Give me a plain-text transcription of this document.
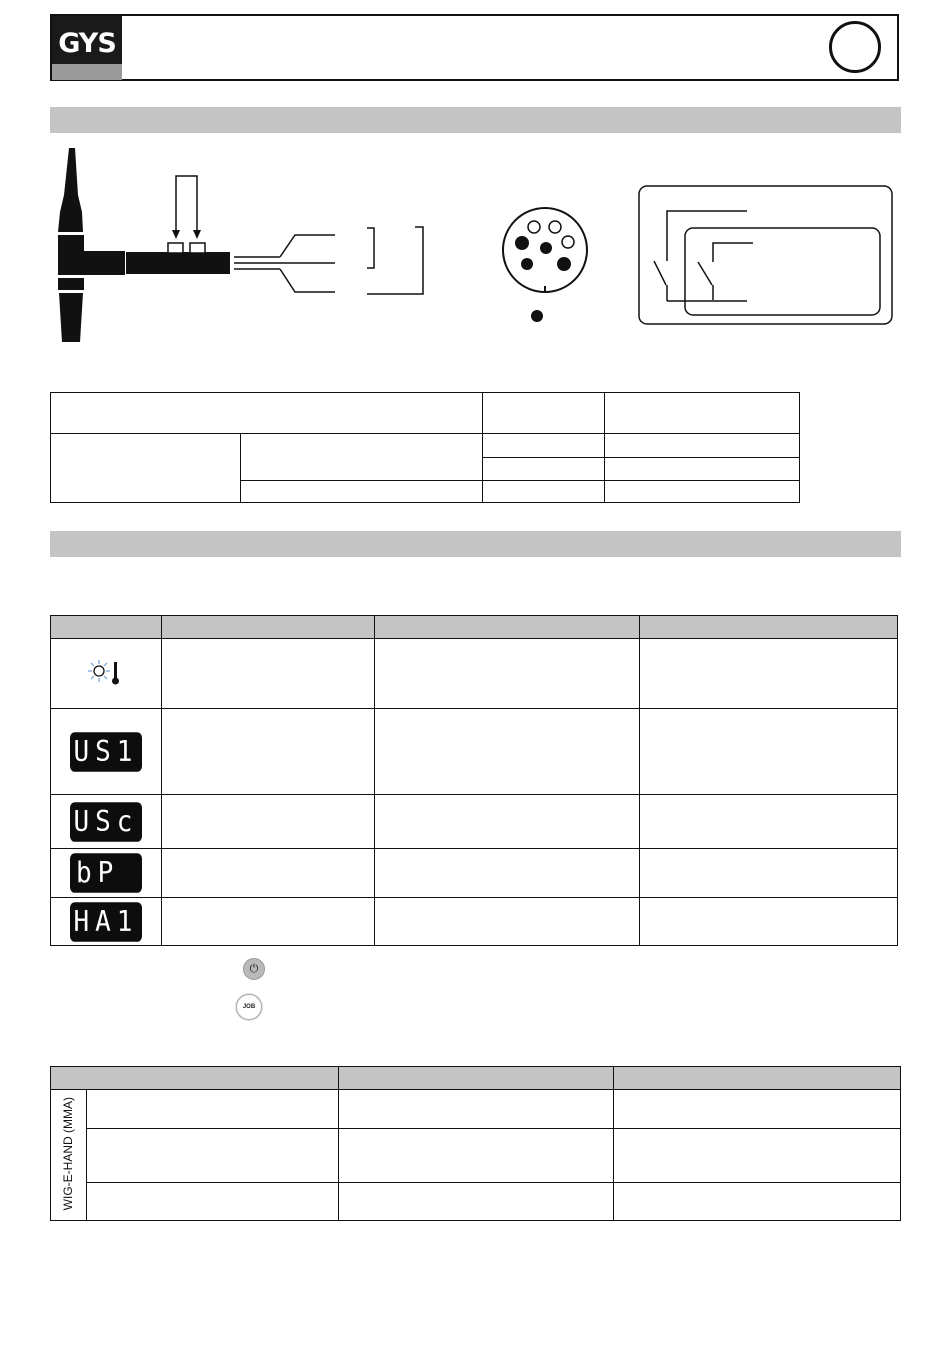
GYS

US1			

USc			

bP			

HA1			

⏻
JOB

WIG-E-HAND (MMA)			
